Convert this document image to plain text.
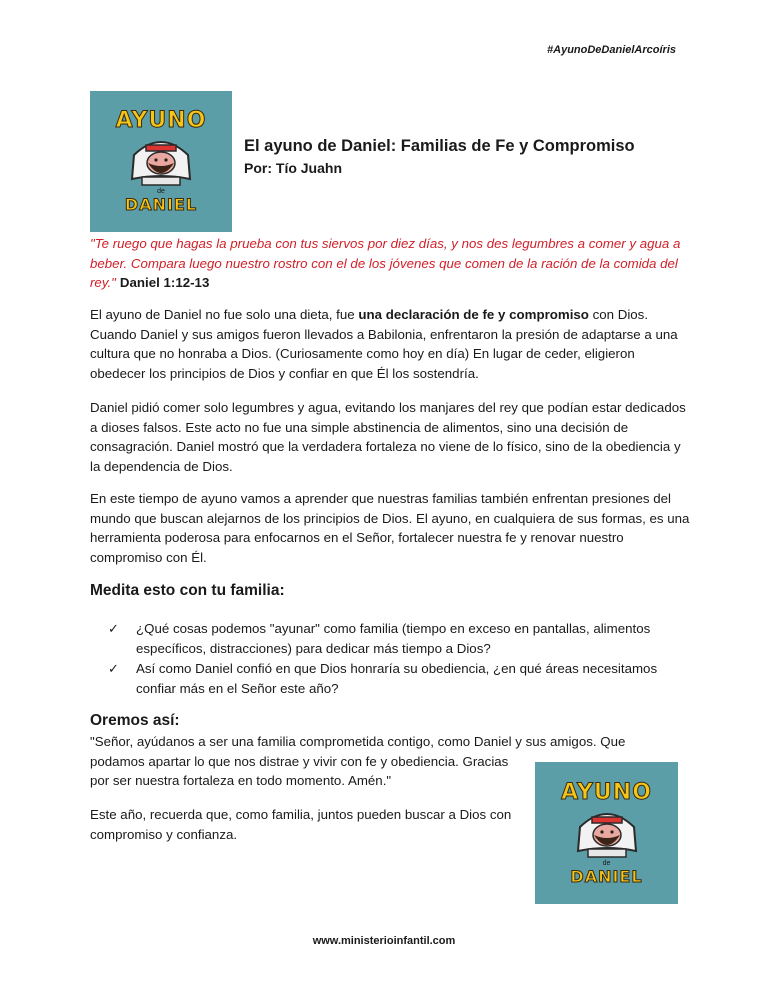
#AyunoDeDanielArcoíris
AYUNO
de
DANIEL
El ayuno de Daniel: Familias de Fe y Compromiso

Por: Tío Juahn

"Te ruego que hagas la prueba con tus siervos por diez días, y nos des legumbres a comer y agua a beber. Compara luego nuestro rostro con el de los jóvenes que comen de la ración de la comida del rey." Daniel 1:12-13

El ayuno de Daniel no fue solo una dieta, fue una declaración de fe y compromiso con Dios. Cuando Daniel y sus amigos fueron llevados a Babilonia, enfrentaron la presión de adaptarse a una cultura que no honraba a Dios. (Curiosamente como hoy en día) En lugar de ceder, eligieron obedecer los principios de Dios y confiar en que Él los sostendría.

Daniel pidió comer solo legumbres y agua, evitando los manjares del rey que podían estar dedicados a dioses falsos. Este acto no fue una simple abstinencia de alimentos, sino una decisión de consagración. Daniel mostró que la verdadera fortaleza no viene de lo físico, sino de la obediencia y la dependencia de Dios.

En este tiempo de ayuno vamos a aprender que nuestras familias también enfrentan presiones del mundo que buscan alejarnos de los principios de Dios. El ayuno, en cualquiera de sus formas, es una herramienta poderosa para enfocarnos en el Señor, fortalecer nuestra fe y renovar nuestro compromiso con Él.

Medita esto con tu familia:
✓	¿Qué cosas podemos "ayunar" como familia (tiempo en exceso en pantallas, alimentos específicos, distracciones) para dedicar más tiempo a Dios?
✓	Así como Daniel confió en que Dios honraría su obediencia, ¿en qué áreas necesitamos confiar más en el Señor este año?
Oremos así:

"Señor, ayúdanos a ser una familia comprometida contigo, como Daniel y sus amigos. Que
podamos apartar lo que nos distrae y vivir con fe y obediencia. Gracias
por ser nuestra fortaleza en todo momento. Amén."

Este año, recuerda que, como familia, juntos pueden buscar a Dios con
compromiso y confianza.

AYUNO
de
DANIEL
www.ministerioinfantil.com
